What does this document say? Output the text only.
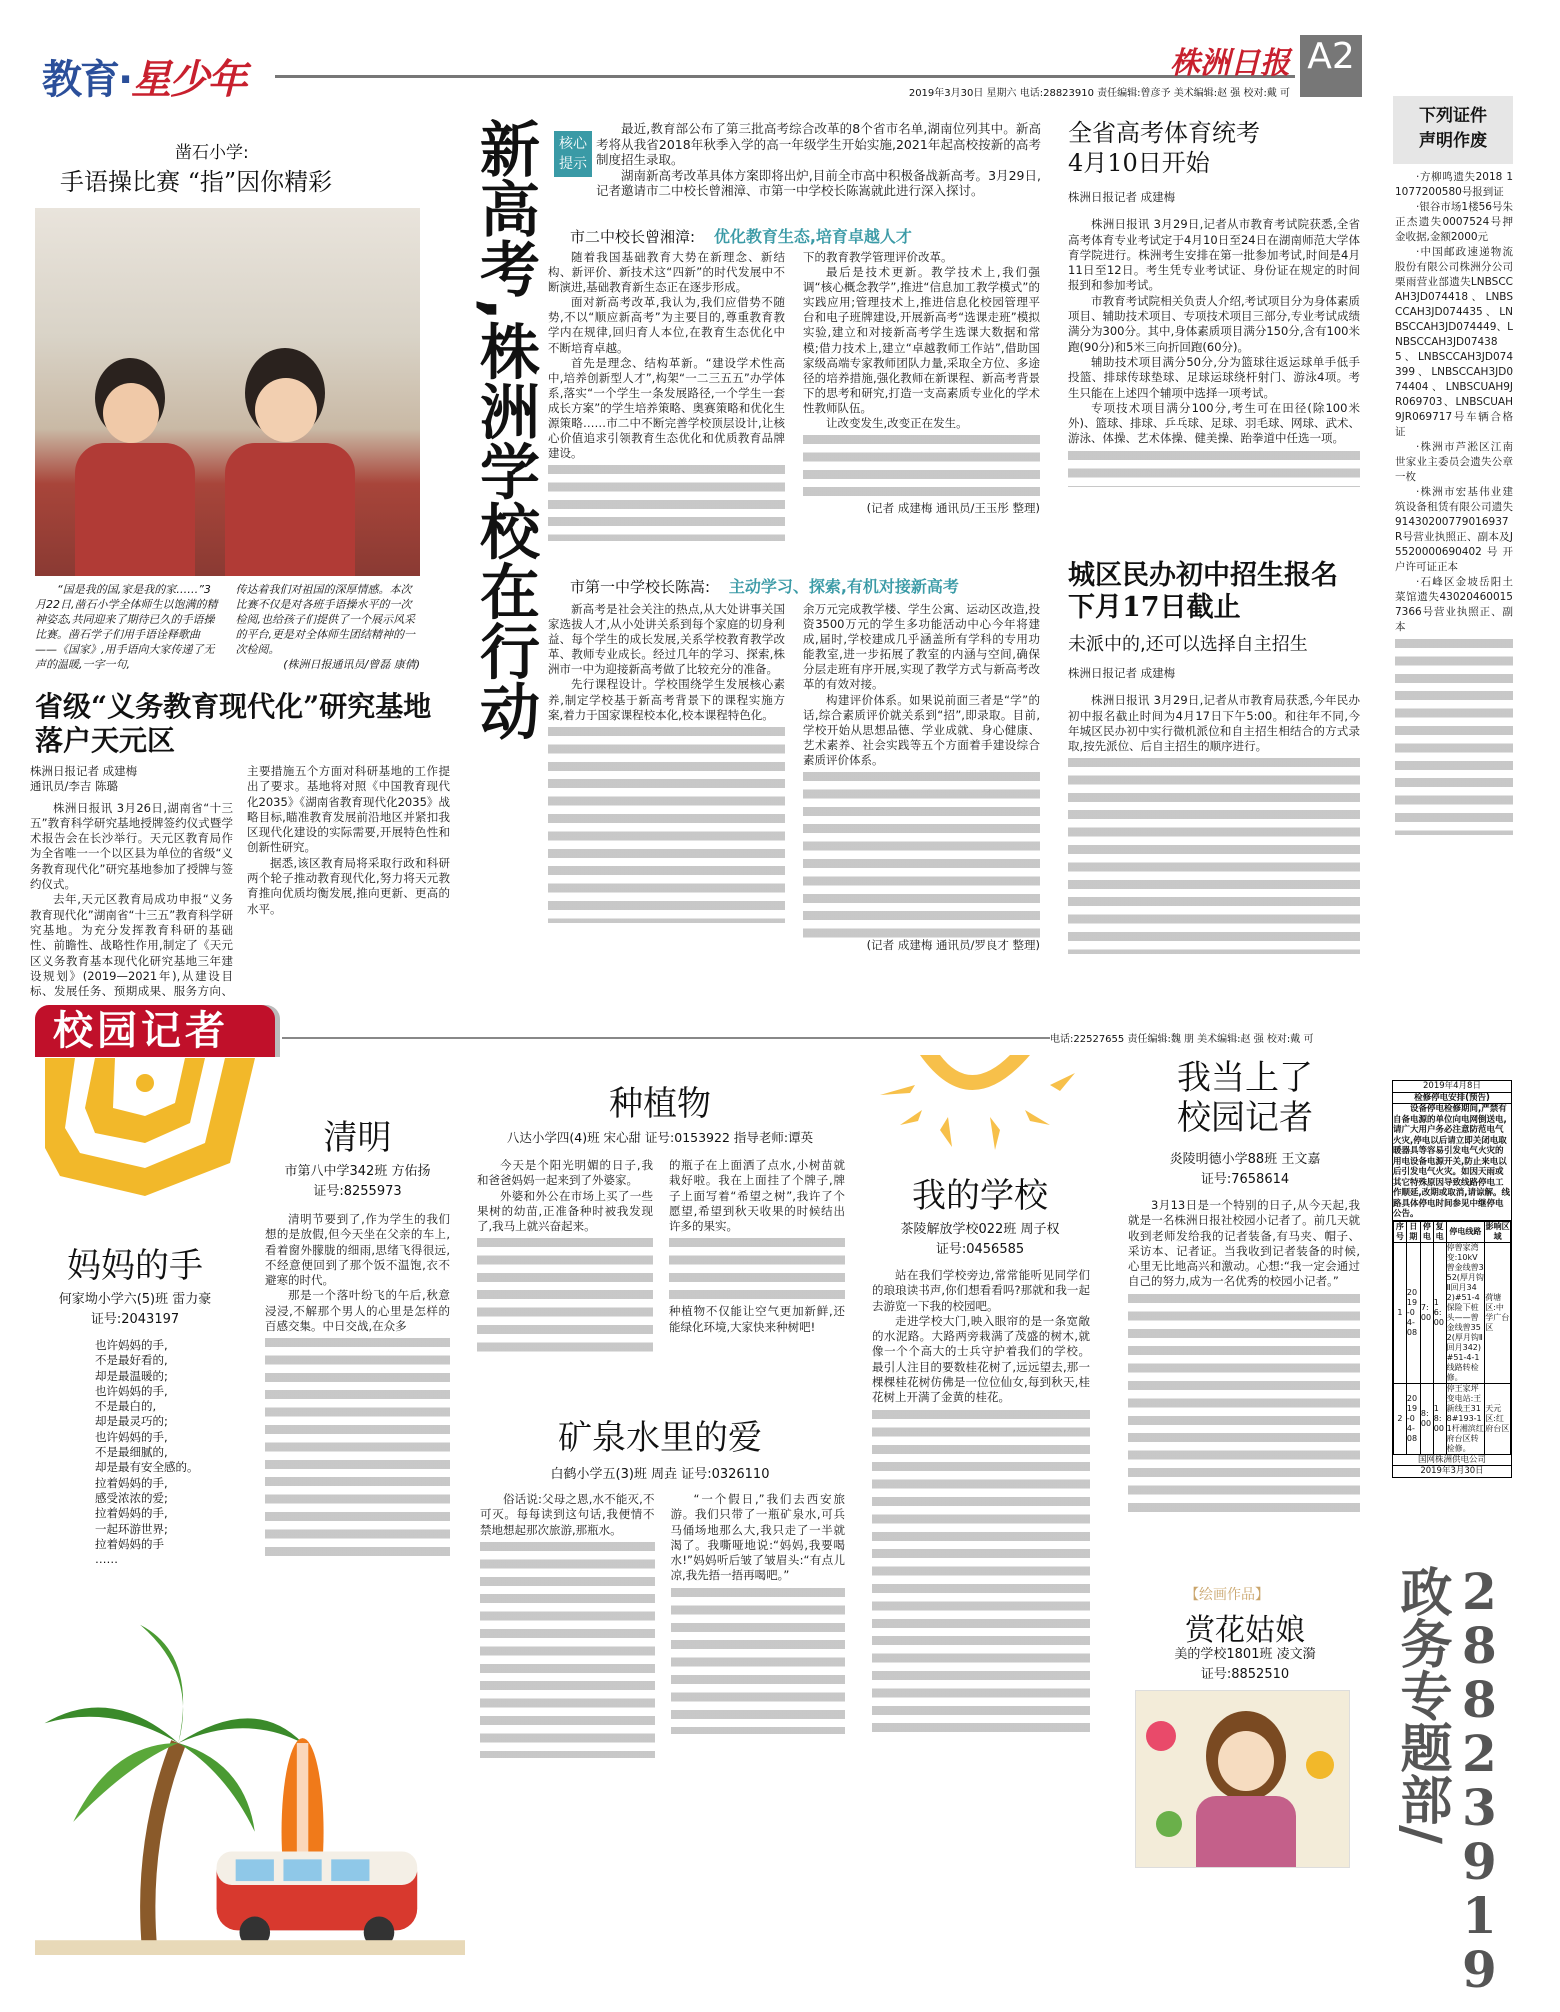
教育·星少年	株洲日报 A2
2019年3月30日 星期六 电话:28823910 责任编辑:曾彦予 美术编辑:赵 强 校对:戴 可
凿石小学:
手语操比赛 “指”因你精彩
“国是我的国,家是我的家……”3月22日,凿石小学全体师生以饱满的精神姿态,共同迎来了期待已久的手语操比赛。凿石学子们用手语诠释歌曲——《国家》,用手语向大家传递了无声的温暖,一字一句,
传达着我们对祖国的深厚情感。本次比赛不仅是对各班手语操水平的一次检阅,也给孩子们提供了一个展示风采的平台,更是对全体师生团结精神的一次检阅。
(株洲日报通讯员/曾磊 康倩)
省级“义务教育现代化”研究基地
落户天元区
株洲日报记者 成建梅
通讯员/李吉 陈璐

株洲日报讯 3月26日,湖南省“十三五”教育科学研究基地授牌签约仪式暨学术报告会在长沙举行。天元区教育局作为全省唯一一个以区县为单位的省级“义务教育现代化”研究基地参加了授牌与签约仪式。

去年,天元区教育局成功申报“义务教育现代化”湖南省“十三五”教育科学研究基地。为充分发挥教育科研的基础性、前瞻性、战略性作用,制定了《天元区义务教育基本现代化研究基地三年建设规划》(2019—2021年),从建设目标、发展任务、预期成果、服务方向、主要措施五个方面对科研基地的工作提出了要求。基地将对照《中国教育现代化2035》《湖南省教育现代化2035》战略目标,瞄准教育发展前沿地区并紧扣我区现代化建设的实际需要,开展特色性和创新性研究。

据悉,该区教育局将采取行政和科研两个轮子推动教育现代化,努力将天元教育推向优质均衡发展,推向更新、更高的水平。

新高考,株洲学校在行动	核心提示

最近,教育部公布了第三批高考综合改革的8个省市名单,湖南位列其中。新高考将从我省2018年秋季入学的高一年级学生开始实施,2021年起高校按新的高考制度招生录取。

湖南新高考改革具体方案即将出炉,目前全市高中积极备战新高考。3月29日,记者邀请市二中校长曾湘漳、市第一中学校长陈嵩就此进行深入探讨。

市二中校长曾湘漳: 优化教育生态,培育卓越人才

随着我国基础教育大势在新理念、新结构、新评价、新技术这“四新”的时代发展中不断演进,基础教育新生态正在逐步形成。

面对新高考改革,我认为,我们应借势不随势,不以“顺应新高考”为主要目的,尊重教育教学内在规律,回归育人本位,在教育生态优化中不断培育卓越。

首先是理念、结构革新。“建设学术性高中,培养创新型人才”,构架“一二三五五”办学体系,落实“一个学生一条发展路径,一个学生一套成长方案”的学生培养策略、奥赛策略和优化生源策略……市二中不断完善学校顶层设计,让核心价值追求引领教育生态优化和优质教育品牌建设。

下的教育教学管理评价改革。

最后是技术更新。教学技术上,我们强调“核心概念教学”,推进“信息加工教学模式”的实践应用;管理技术上,推进信息化校园管理平台和电子班牌建设,开展新高考“选课走班”模拟实验,建立和对接新高考学生选课大数据和常模;借力技术上,建立“卓越教师工作站”,借助国家级高端专家教师团队力量,采取全方位、多途径的培养措施,强化教师在新课程、新高考背景下的思考和研究,打造一支高素质专业化的学术性教师队伍。

让改变发生,改变正在发生。

(记者 成建梅 通讯员/王玉彤 整理)
市第一中学校长陈嵩: 主动学习、探索,有机对接新高考

新高考是社会关注的热点,从大处讲事关国家选拔人才,从小处讲关系到每个家庭的切身利益、每个学生的成长发展,关系学校教育教学改革、教师专业成长。经过几年的学习、探索,株洲市一中为迎接新高考做了比较充分的准备。

先行课程设计。学校围绕学生发展核心素养,制定学校基于新高考背景下的课程实施方案,着力于国家课程校本化,校本课程特色化。

余万元完成教学楼、学生公寓、运动区改造,投资3500万元的学生多功能活动中心今年将建成,届时,学校建成几乎涵盖所有学科的专用功能教室,进一步拓展了教室的内涵与空间,确保分层走班有序开展,实现了教学方式与新高考改革的有效对接。

构建评价体系。如果说前面三者是“学”的话,综合素质评价就关系到“招”,即录取。目前,学校开始从思想品德、学业成就、身心健康、艺术素养、社会实践等五个方面着手建设综合素质评价体系。

(记者 成建梅 通讯员/罗良才 整理)
全省高考体育统考
4月10日开始
株洲日报记者 成建梅

株洲日报讯 3月29日,记者从市教育考试院获悉,全省高考体育专业考试定于4月10日至24日在湖南师范大学体育学院进行。株洲考生安排在第一批参加考试,时间是4月11日至12日。考生凭专业考试证、身份证在规定的时间报到和参加考试。

市教育考试院相关负责人介绍,考试项目分为身体素质项目、辅助技术项目、专项技术项目三部分,专业考试成绩满分为300分。其中,身体素质项目满分150分,含有100米跑(90分)和5米三向折回跑(60分)。

辅助技术项目满分50分,分为篮球往返运球单手低手投篮、排球传球垫球、足球运球绕杆射门、游泳4项。考生只能在上述四个辅项中选择一项考试。

专项技术项目满分100分,考生可在田径(除100米外)、篮球、排球、乒乓球、足球、羽毛球、网球、武术、游泳、体操、艺术体操、健美操、跆拳道中任选一项。

城区民办初中招生报名
下月17日截止
未派中的,还可以选择自主招生
株洲日报记者 成建梅

株洲日报讯 3月29日,记者从市教育局获悉,今年民办初中报名截止时间为4月17日下午5:00。和往年不同,今年城区民办初中实行微机派位和自主招生相结合的方式录取,按先派位、后自主招生的顺序进行。

下列证件声明作废

·方柳鸣遗失2018 11077200580号报到证

·银谷市场1楼56号朱正杰遗失0007524号押金收据,金额2000元

·中国邮政速递物流股份有限公司株洲分公司栗雨营业部遗失LNBSCCAH3JD074418、LNBSCCAH3JD074435、LNBSCCAH3JD074449、LNBSCCAH3JD074385、LNBSCCAH3JD074399、LNBSCCAH3JD074404、LNBSCUAH9JR069703、LNBSCUAH9JR069717号车辆合格证

·株洲市芦淞区江南世家业主委员会遗失公章一枚

·株洲市宏基伟业建筑设备租赁有限公司遗失91430200779016937R号营业执照正、副本及J5520000690402号开户许可证正本

·石峰区金坡岳阳土菜馆遗失430204600157366号营业执照正、副本

2019年4月8日
检修停电安排(预告)
设备停电检修期间,严禁有自备电源的单位向电网倒送电,请广大用户务必注意防范电气火灾,停电以后请立即关闭电取暖器具等容易引发电气火灾的用电设备电源开关,防止来电以后引发电气火灾。如因天雨或其它特殊原因导致线路停电工作顺延,改期或取消,请谅解。线路具体停电时间参见中继停电公告。
序号	日期	停电	复电	停电线路	影响区域
1	2019-04-08	7:00	16:00	停曾家湾变:10kV曾金线曾352(厚月钩Ⅱ回月342)#51-4保险下桩头——曾金线曾352(厚月钩Ⅱ回月342)#51-4-1线路转检修。	荷塘区:中学广台区
2	2019-04-08	8:00	18:00	停王家坪变电站:王新线王318#193-11杆湘滨红府台区转检修。	天元区:红府台区
国网株洲供电公司
2019年3月30日
政务专题部/ 28823919
校园记者	电话:22527655 责任编辑:魏 朋 美术编辑:赵 强 校对:戴 可
妈妈的手
何家坳小学六(5)班 雷力豪
证号:2043197
也许妈妈的手,
不是最好看的,
却是最温暖的;
也许妈妈的手,
不是最白的,
却是最灵巧的;
也许妈妈的手,
不是最细腻的,
却是最有安全感的。
拉着妈妈的手,
感受浓浓的爱;
拉着妈妈的手,
一起环游世界;
拉着妈妈的手
……
清明
市第八中学342班 方佑扬
证号:8255973

清明节要到了,作为学生的我们想的是放假,但今天坐在父亲的车上,看着窗外朦胧的细雨,思绪飞得很远,不经意便回到了那个饭不温饱,衣不避寒的时代。

那是一个落叶纷飞的午后,秋意浸浸,不解那个男人的心里是怎样的百感交集。中日交战,在众多

种植物
八达小学四(4)班 宋心甜 证号:0153922 指导老师:谭英

今天是个阳光明媚的日子,我和爸爸妈妈一起来到了外婆家。

外婆和外公在市场上买了一些果树的幼苗,正准备种时被我发现了,我马上就兴奋起来。

的瓶子在上面洒了点水,小树苗就栽好啦。我在上面挂了个牌子,牌子上面写着“希望之树”,我许了个愿望,希望到秋天收果的时候结出许多的果实。
种植物不仅能让空气更加新鲜,还能绿化环境,大家快来种树吧!
矿泉水里的爱
白鹤小学五(3)班 周垚 证号:0326110

俗话说:父母之恩,水不能灭,不可灭。每每读到这句话,我便情不禁地想起那次旅游,那瓶水。

“一个假日,”我们去西安旅游。我们只带了一瓶矿泉水,可兵马俑场地那么大,我只走了一半就渴了。我嘶哑地说:“妈妈,我要喝水!”妈妈听后皱了皱眉头:“有点儿凉,我先捂一捂再喝吧。”

我的学校
茶陵解放学校022班 周子权
证号:0456585

站在我们学校旁边,常常能听见同学们的琅琅读书声,你们想看看吗?那就和我一起去游览一下我的校园吧。

走进学校大门,映入眼帘的是一条宽敞的水泥路。大路两旁栽满了茂盛的树木,就像一个个高大的士兵守护着我们的学校。最引人注目的要数桂花树了,远远望去,那一棵棵桂花树仿佛是一位位仙女,每到秋天,桂花树上开满了金黄的桂花。

我当上了
校园记者
炎陵明德小学88班 王文嘉
证号:7658614

3月13日是一个特别的日子,从今天起,我就是一名株洲日报社校园小记者了。前几天就收到老师发给我的记者装备,有马夹、帽子、采访本、记者证。当我收到记者装备的时候,心里无比地高兴和激动。心想:“我一定会通过自己的努力,成为一名优秀的校园小记者。”

【绘画作品】
赏花姑娘
美的学校1801班 凌文漪
证号:8852510
